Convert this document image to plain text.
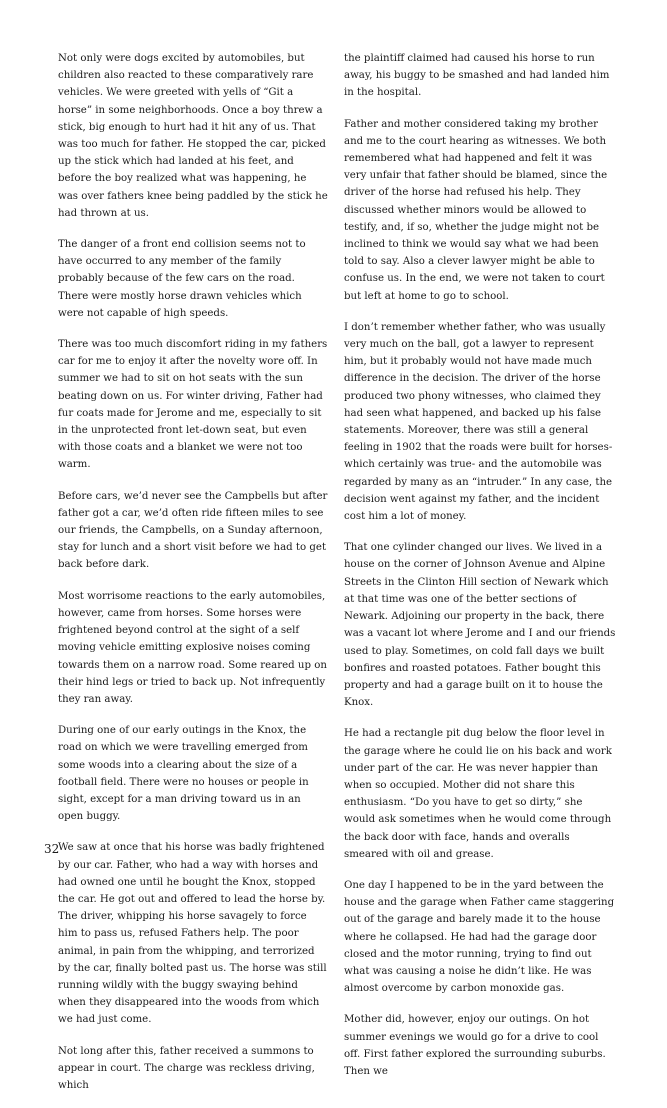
Not only were dogs excited by automobiles, but children also reacted to these comparatively rare vehicles. We were greeted with yells of “Git a horse” in some neighborhoods. Once a boy threw a stick, big enough to hurt had it hit any of us. That was too much for father. He stopped the car, picked up the stick which had landed at his feet, and before the boy realized what was happening, he was over fathers knee being paddled by the stick he had thrown at us.

The danger of a front end collision seems not to have occurred to any member of the family probably because of the few cars on the road. There were mostly horse drawn vehicles which were not capable of high speeds.

There was too much discomfort riding in my fathers car for me to enjoy it after the novelty wore off. In summer we had to sit on hot seats with the sun beating down on us. For winter driving, Father had fur coats made for Jerome and me, especially to sit in the unprotected front let-down seat, but even with those coats and a blanket we were not too warm.

Before cars, we’d never see the Campbells but after father got a car, we’d often ride fifteen miles to see our friends, the Campbells, on a Sunday afternoon, stay for lunch and a short visit before we had to get back before dark.

Most worrisome reactions to the early automobiles, however, came from horses. Some horses were frightened beyond control at the sight of a self moving vehicle emitting explosive noises coming towards them on a narrow road. Some reared up on their hind legs or tried to back up. Not infrequently they ran away.

During one of our early outings in the Knox, the road on which we were travelling emerged from some woods into a clearing about the size of a football field. There were no houses or people in sight, except for a man driving toward us in an open buggy.

We saw at once that his horse was badly frightened by our car. Father, who had a way with horses and had owned one until he bought the Knox, stopped the car. He got out and offered to lead the horse by. The driver, whipping his horse savagely to force him to pass us, refused Fathers help. The poor animal, in pain from the whipping, and terrorized by the car, finally bolted past us. The horse was still running wildly with the buggy swaying behind when they disappeared into the woods from which we had just come.

Not long after this, father received a summons to appear in court. The charge was reckless driving, which

the plaintiff claimed had caused his horse to run away, his buggy to be smashed and had landed him in the hospital.

Father and mother considered taking my brother and me to the court hearing as witnesses. We both remembered what had happened and felt it was very unfair that father should be blamed, since the driver of the horse had refused his help. They discussed whether minors would be allowed to testify, and, if so, whether the judge might not be inclined to think we would say what we had been told to say. Also a clever lawyer might be able to confuse us. In the end, we were not taken to court but left at home to go to school.

I don’t remember whether father, who was usually very much on the ball, got a lawyer to represent him, but it probably would not have made much difference in the decision. The driver of the horse produced two phony witnesses, who claimed they had seen what happened, and backed up his false statements. Moreover, there was still a general feeling in 1902 that the roads were built for horses- which certainly was true- and the automobile was regarded by many as an “intruder.” In any case, the decision went against my father, and the incident cost him a lot of money.

That one cylinder changed our lives. We lived in a house on the corner of Johnson Avenue and Alpine Streets in the Clinton Hill section of Newark which at that time was one of the better sections of Newark. Adjoining our property in the back, there was a vacant lot where Jerome and I and our friends used to play. Sometimes, on cold fall days we built bonfires and roasted potatoes. Father bought this property and had a garage built on it to house the Knox.

He had a rectangle pit dug below the floor level in the garage where he could lie on his back and work under part of the car. He was never happier than when so occupied. Mother did not share this enthusiasm. “Do you have to get so dirty,” she would ask sometimes when he would come through the back door with face, hands and overalls smeared with oil and grease.

One day I happened to be in the yard between the house and the garage when Father came staggering out of the garage and barely made it to the house where he collapsed. He had had the garage door closed and the motor running, trying to find out what was causing a noise he didn’t like. He was almost overcome by carbon monoxide gas.

Mother did, however, enjoy our outings. On hot summer evenings we would go for a drive to cool off. First father explored the surrounding suburbs. Then we

32
